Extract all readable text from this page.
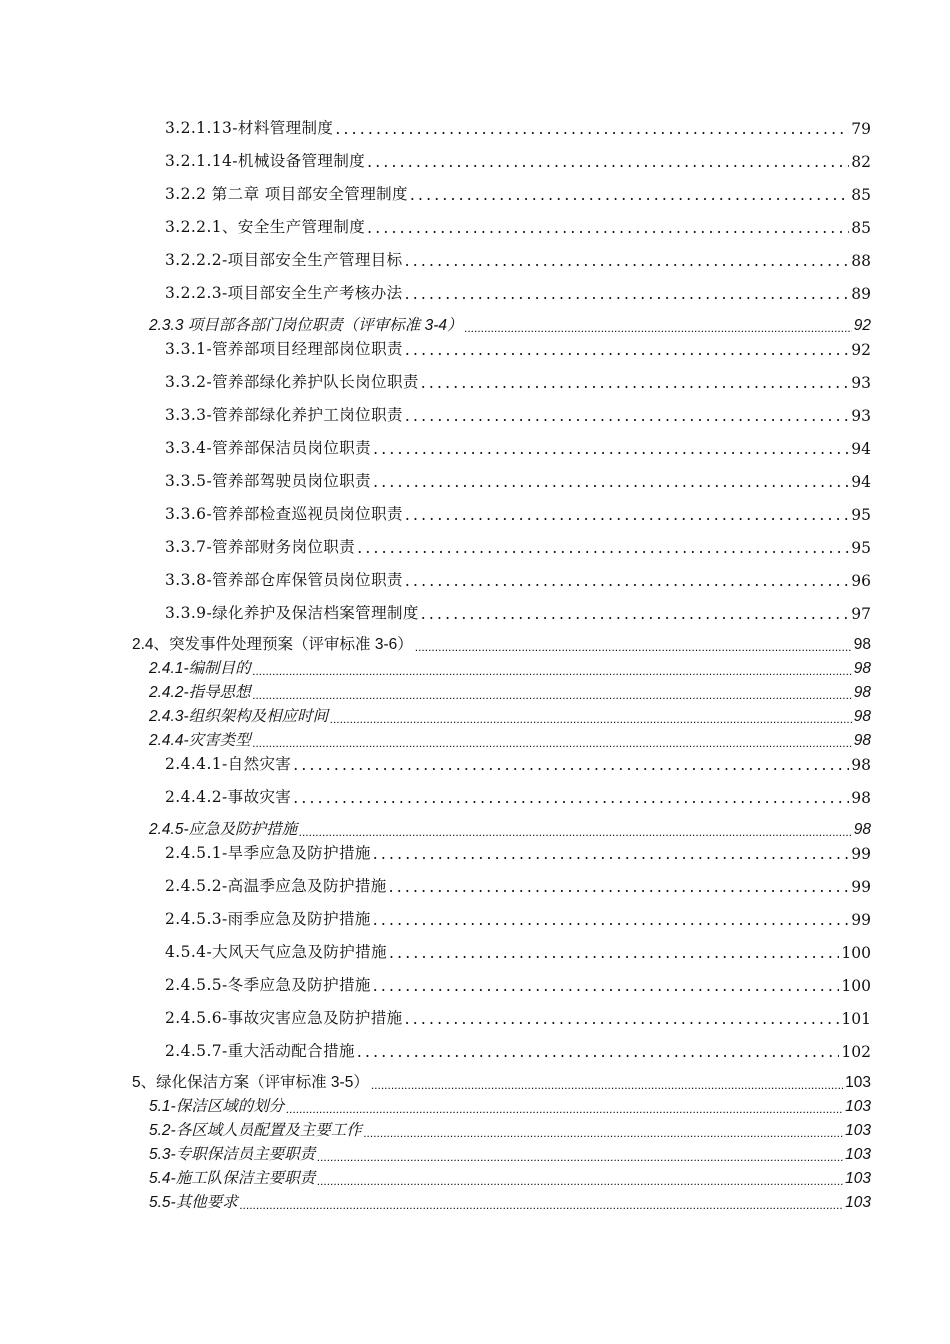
3.2.1.13-材料管理制度 .....	79
3.2.1.14-机械设备管理制度 .....	82
3.2.2 第二章 项目部安全管理制度 .....	85
3.2.2.1、安全生产管理制度 .....	85
3.2.2.2-项目部安全生产管理目标 .....	88
3.2.2.3-项目部安全生产考核办法 .....	89
2.3.3 项目部各部门岗位职责（评审标准 3-4） .....	92
3.3.1-管养部项目经理部岗位职责 .....	92
3.3.2-管养部绿化养护队长岗位职责 .....	93
3.3.3-管养部绿化养护工岗位职责 .....	93
3.3.4-管养部保洁员岗位职责 .....	94
3.3.5-管养部驾驶员岗位职责 .....	94
3.3.6-管养部检查巡视员岗位职责 .....	95
3.3.7-管养部财务岗位职责 .....	95
3.3.8-管养部仓库保管员岗位职责 .....	96
3.3.9-绿化养护及保洁档案管理制度 .....	97
2.4、突发事件处理预案（评审标准 3-6） .....	98
2.4.1-编制目的 .....	98
2.4.2-指导思想 .....	98
2.4.3-组织架构及相应时间 .....	98
2.4.4-灾害类型 .....	98
2.4.4.1-自然灾害 .....	98
2.4.4.2-事故灾害 .....	98
2.4.5-应急及防护措施 .....	98
2.4.5.1-旱季应急及防护措施 .....	99
2.4.5.2-高温季应急及防护措施 .....	99
2.4.5.3-雨季应急及防护措施 .....	99
4.5.4-大风天气应急及防护措施 .....	100
2.4.5.5-冬季应急及防护措施 .....	100
2.4.5.6-事故灾害应急及防护措施 .....	101
2.4.5.7-重大活动配合措施 .....	102
5、绿化保洁方案（评审标准 3-5） .....	103
5.1-保洁区域的划分 .....	103
5.2-各区域人员配置及主要工作 .....	103
5.3-专职保洁员主要职责 .....	103
5.4-施工队保洁主要职责 .....	103
5.5-其他要求 .....	103
